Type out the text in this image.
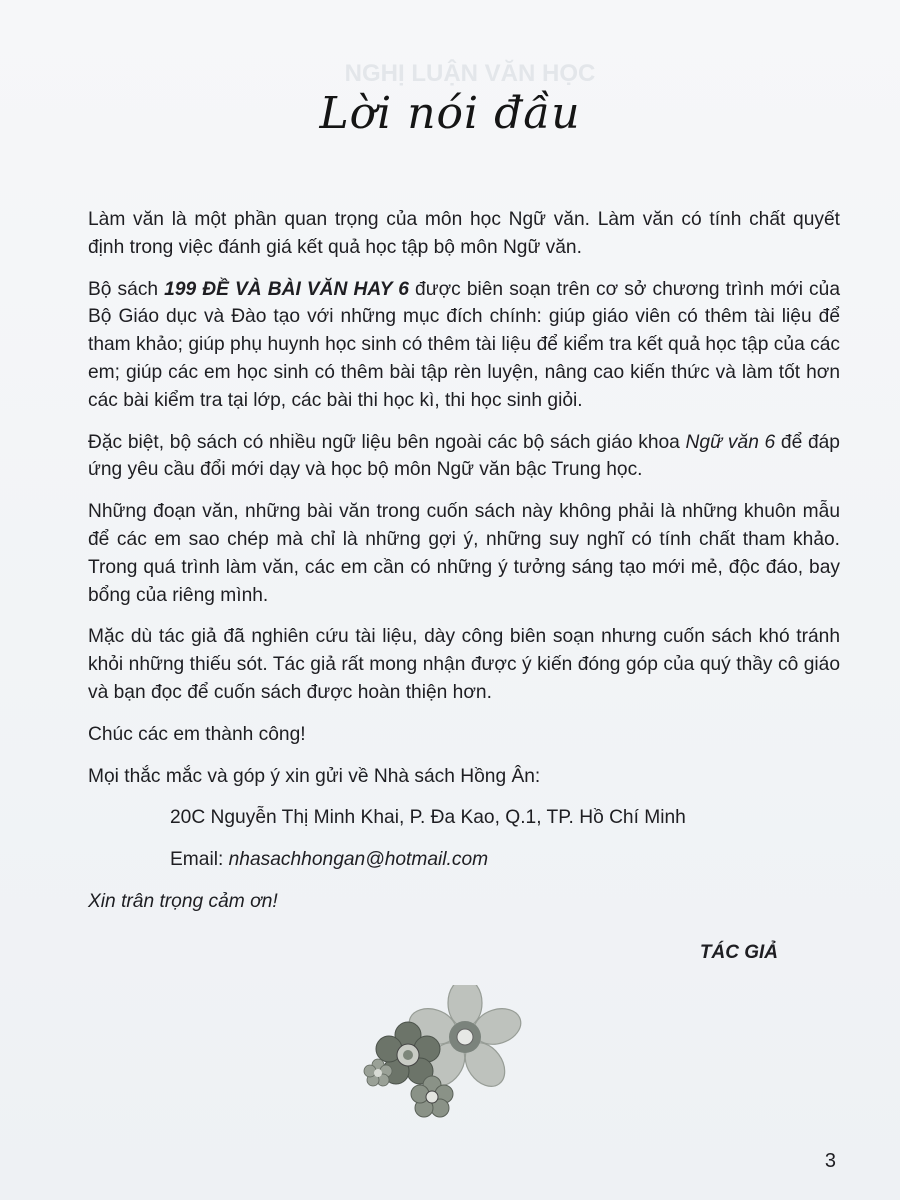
NGHỊ LUẬN VĂN HỌC
Lời nói đầu

Làm văn là một phần quan trọng của môn học Ngữ văn. Làm văn có tính chất quyết định trong việc đánh giá kết quả học tập bộ môn Ngữ văn.

Bộ sách 199 ĐỀ VÀ BÀI VĂN HAY 6 được biên soạn trên cơ sở chương trình mới của Bộ Giáo dục và Đào tạo với những mục đích chính: giúp giáo viên có thêm tài liệu để tham khảo; giúp phụ huynh học sinh có thêm tài liệu để kiểm tra kết quả học tập của các em; giúp các em học sinh có thêm bài tập rèn luyện, nâng cao kiến thức và làm tốt hơn các bài kiểm tra tại lớp, các bài thi học kì, thi học sinh giỏi.

Đặc biệt, bộ sách có nhiều ngữ liệu bên ngoài các bộ sách giáo khoa Ngữ văn 6 để đáp ứng yêu cầu đổi mới dạy và học bộ môn Ngữ văn bậc Trung học.

Những đoạn văn, những bài văn trong cuốn sách này không phải là những khuôn mẫu để các em sao chép mà chỉ là những gợi ý, những suy nghĩ có tính chất tham khảo. Trong quá trình làm văn, các em cần có những ý tưởng sáng tạo mới mẻ, độc đáo, bay bổng của riêng mình.

Mặc dù tác giả đã nghiên cứu tài liệu, dày công biên soạn nhưng cuốn sách khó tránh khỏi những thiếu sót. Tác giả rất mong nhận được ý kiến đóng góp của quý thầy cô giáo và bạn đọc để cuốn sách được hoàn thiện hơn.

Chúc các em thành công!

Mọi thắc mắc và góp ý xin gửi về Nhà sách Hồng Ân:

20C Nguyễn Thị Minh Khai, P. Đa Kao, Q.1, TP. Hồ Chí Minh

Email: nhasachhongan@hotmail.com

Xin trân trọng cảm ơn!

TÁC GIẢ
3
